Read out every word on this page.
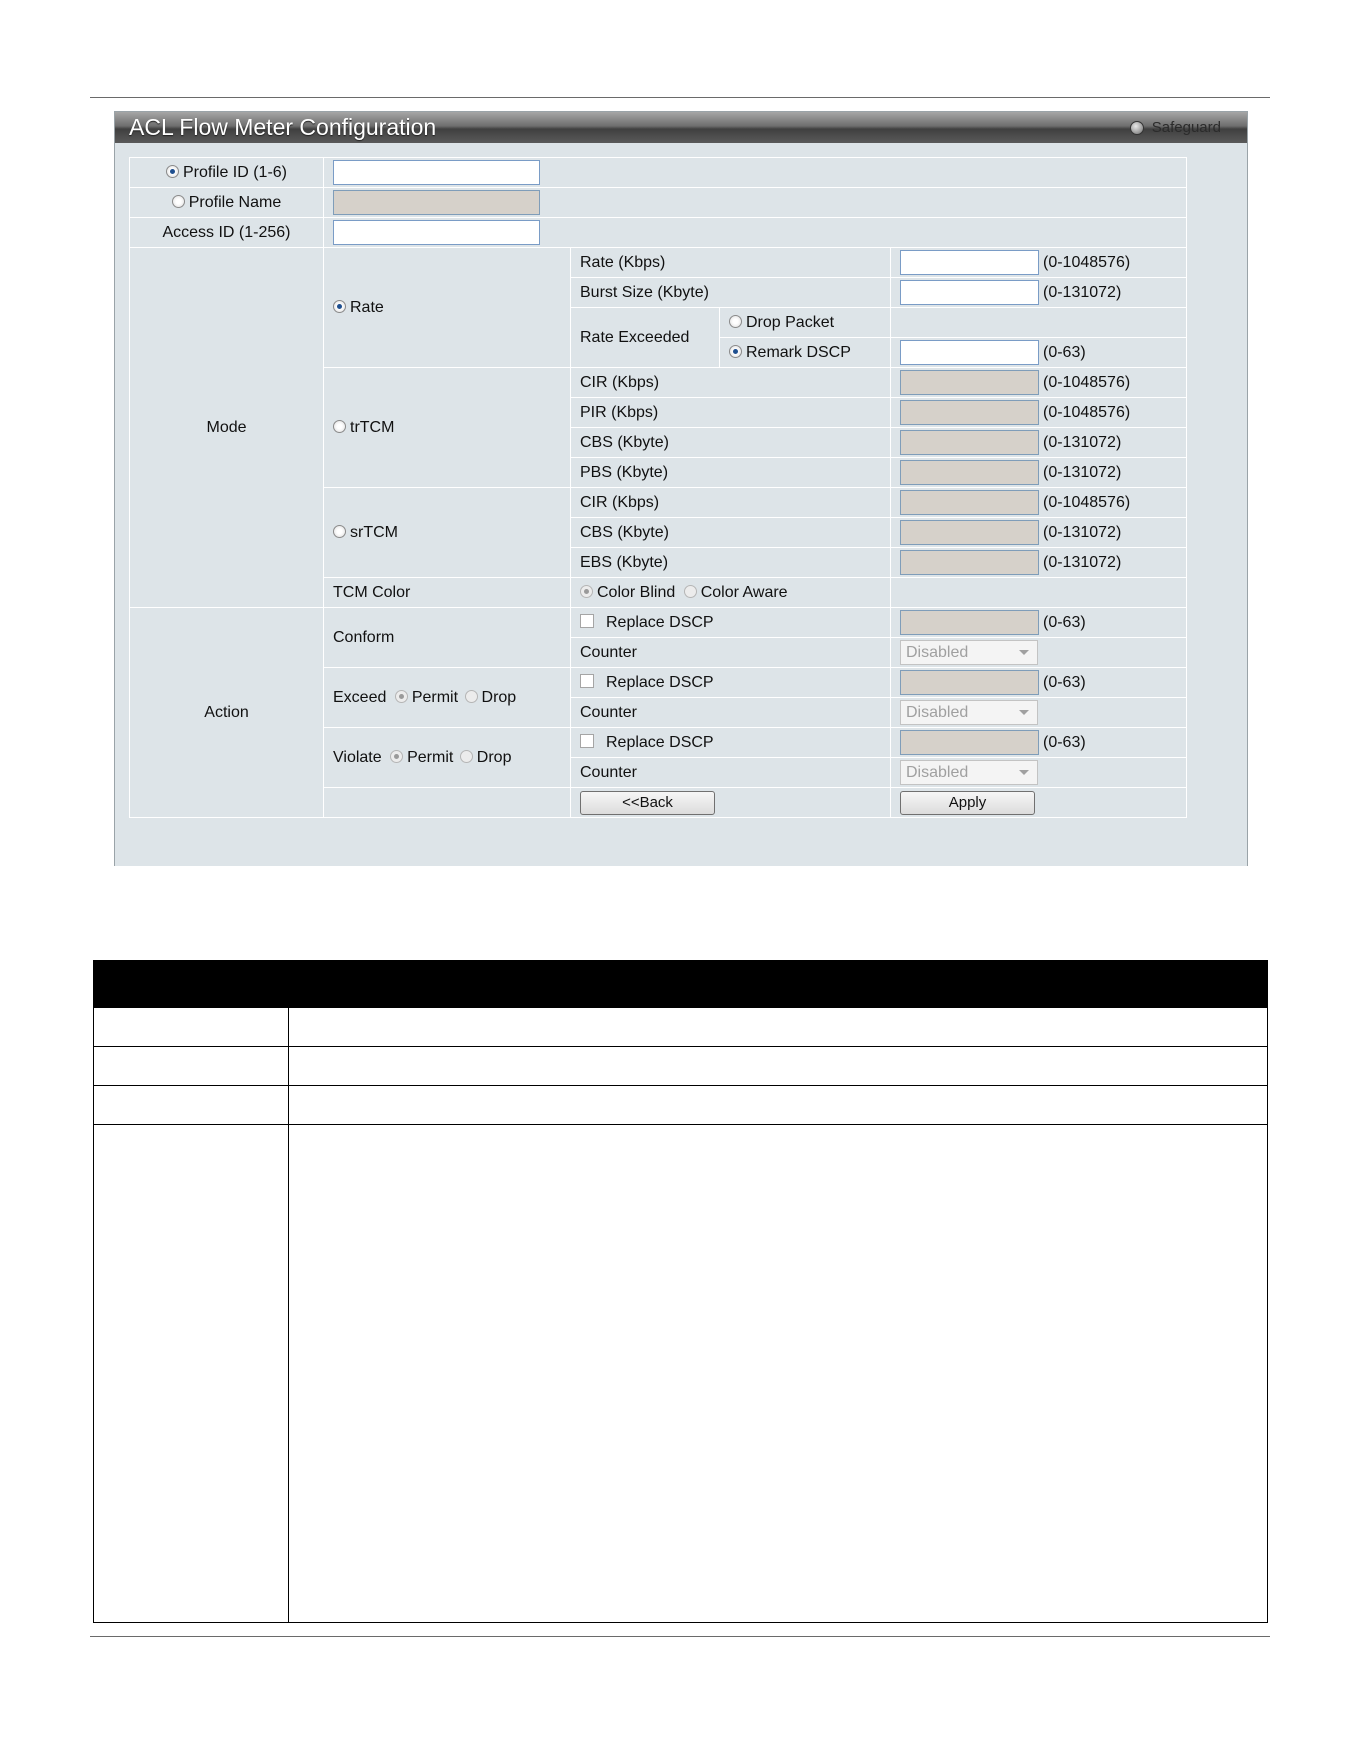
ACL Flow Meter Configuration	Safeguard
Profile ID (1-6)	
Profile Name	
Access ID (1-256)	
Mode	Rate	Rate (Kbps)		(0-1048576)
		Burst Size (Kbyte)		(0-131072)
		Rate Exceeded	Drop Packet	
			Remark DSCP	(0-63)
	trTCM	CIR (Kbps)		(0-1048576)
		PIR (Kbps)		(0-1048576)
		CBS (Kbyte)		(0-131072)
		PBS (Kbyte)		(0-131072)
	srTCM	CIR (Kbps)		(0-1048576)
		CBS (Kbyte)		(0-131072)
		EBS (Kbyte)		(0-131072)
	TCM Color	Color Blind Color Aware		
Action	Conform	Replace DSCP		(0-63)
		Counter		Disabled

	Exceed Permit Drop	Replace DSCP		(0-63)
		Counter		Disabled

	Violate Permit Drop	Replace DSCP		(0-63)
		Counter		Disabled

		<<Back		Apply
